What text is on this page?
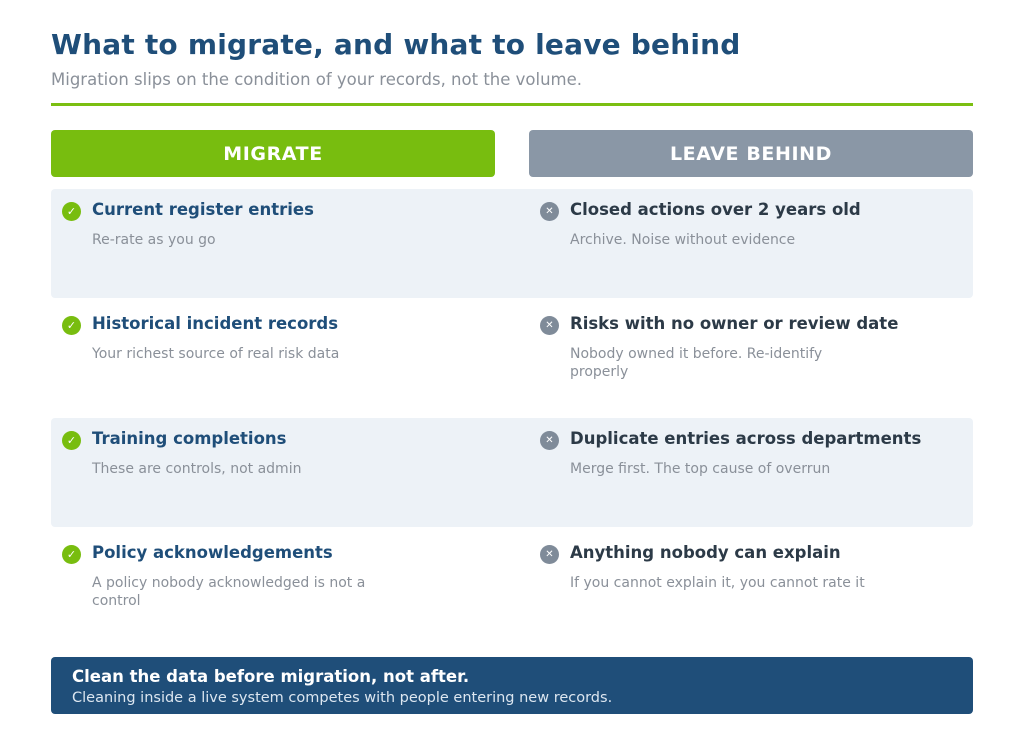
What to migrate, and what to leave behind
Migration slips on the condition of your records, not the volume.
MIGRATE	LEAVE BEHIND
✓ Current register entries
Re-rate as you go
✕ Closed actions over 2 years old
Archive. Noise without evidence
✓ Historical incident records
Your richest source of real risk data
✕ Risks with no owner or review date
Nobody owned it before. Re-identify properly
✓ Training completions
These are controls, not admin
✕ Duplicate entries across departments
Merge first. The top cause of overrun
✓ Policy acknowledgements
A policy nobody acknowledged is not a control
✕ Anything nobody can explain
If you cannot explain it, you cannot rate it
Clean the data before migration, not after.
Cleaning inside a live system competes with people entering new records.
